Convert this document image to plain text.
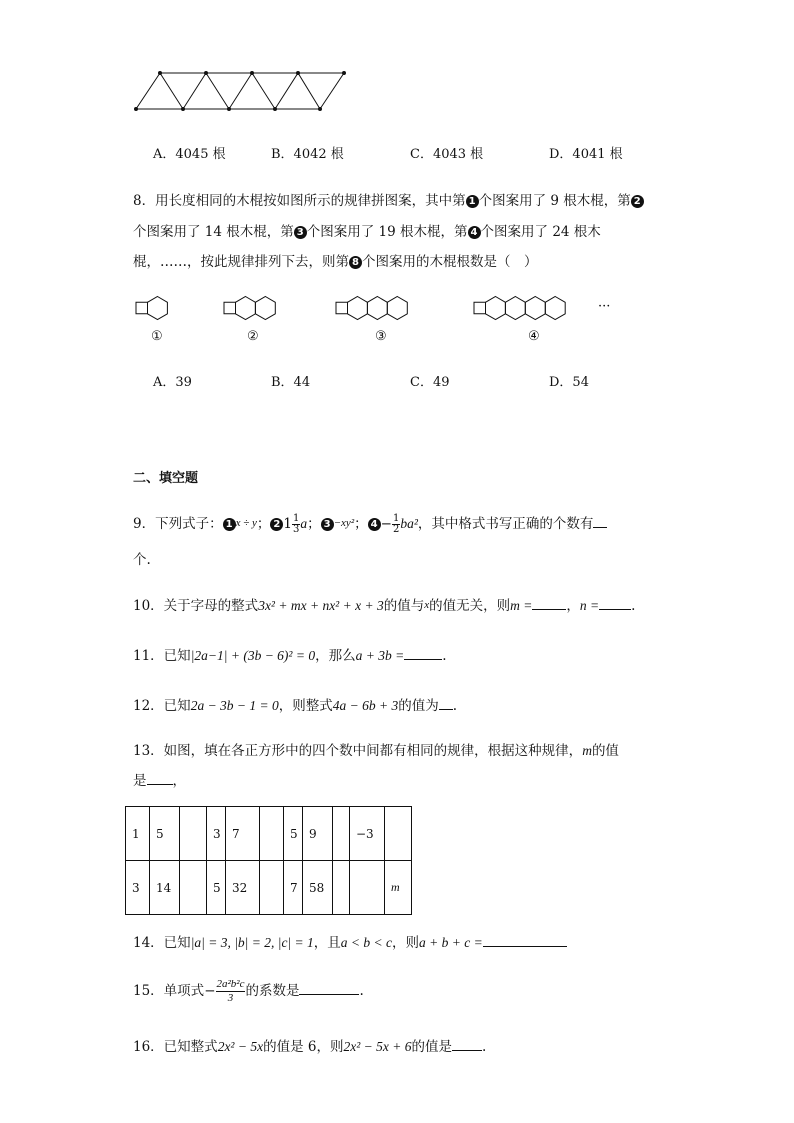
A．4045 根	B．4042 根	C．4043 根	D．4041 根
8．用长度相同的木棍按如图所示的规律拼图案，其中第 1 个图案用了 9 根木棍，第 2
个图案用了 14 根木棍，第 3 个图案用了 19 根木棍，第 4 个图案用了 24 根木
棍，……，按此规律排列下去，则第 8 个图案用的木棍根数是（　）
①	②	③	④
···
A．39	B．44	C．49	D．54
二、填空题
9．下列式子： 1 x ÷ y； 2 $1 \frac{1}{3}$ a； 3 −xy²； $4 - \frac{1}{2} ba^2$，其中格式书写正确的个数有
个.
10．关于字母的整式3x² + mx + nx² + x + 3的值与x的值无关，则m =	，n = .
11．已知|2a−1| + (3b − 6)² = 0，那么a + 3b =	.
12．已知2a − 3b − 1 = 0，则整式4a − 6b + 3的值为 .
13．如图，填在各正方形中的四个数中间都有相同的规律，根据这种规律，m的值
是 ，
1	5		3	7		5	9		−3	
3	14		5	32		7	58			m
14．已知|a| = 3, |b| = 2, |c| = 1，且a < b < c，则a + b + c =
15．单项式− $\frac{\text{2a²b²c}}{3}$ 的系数是	.
16．已知整式2x² − 5x的值是 6，则2x² − 5x + 6的值是 .
